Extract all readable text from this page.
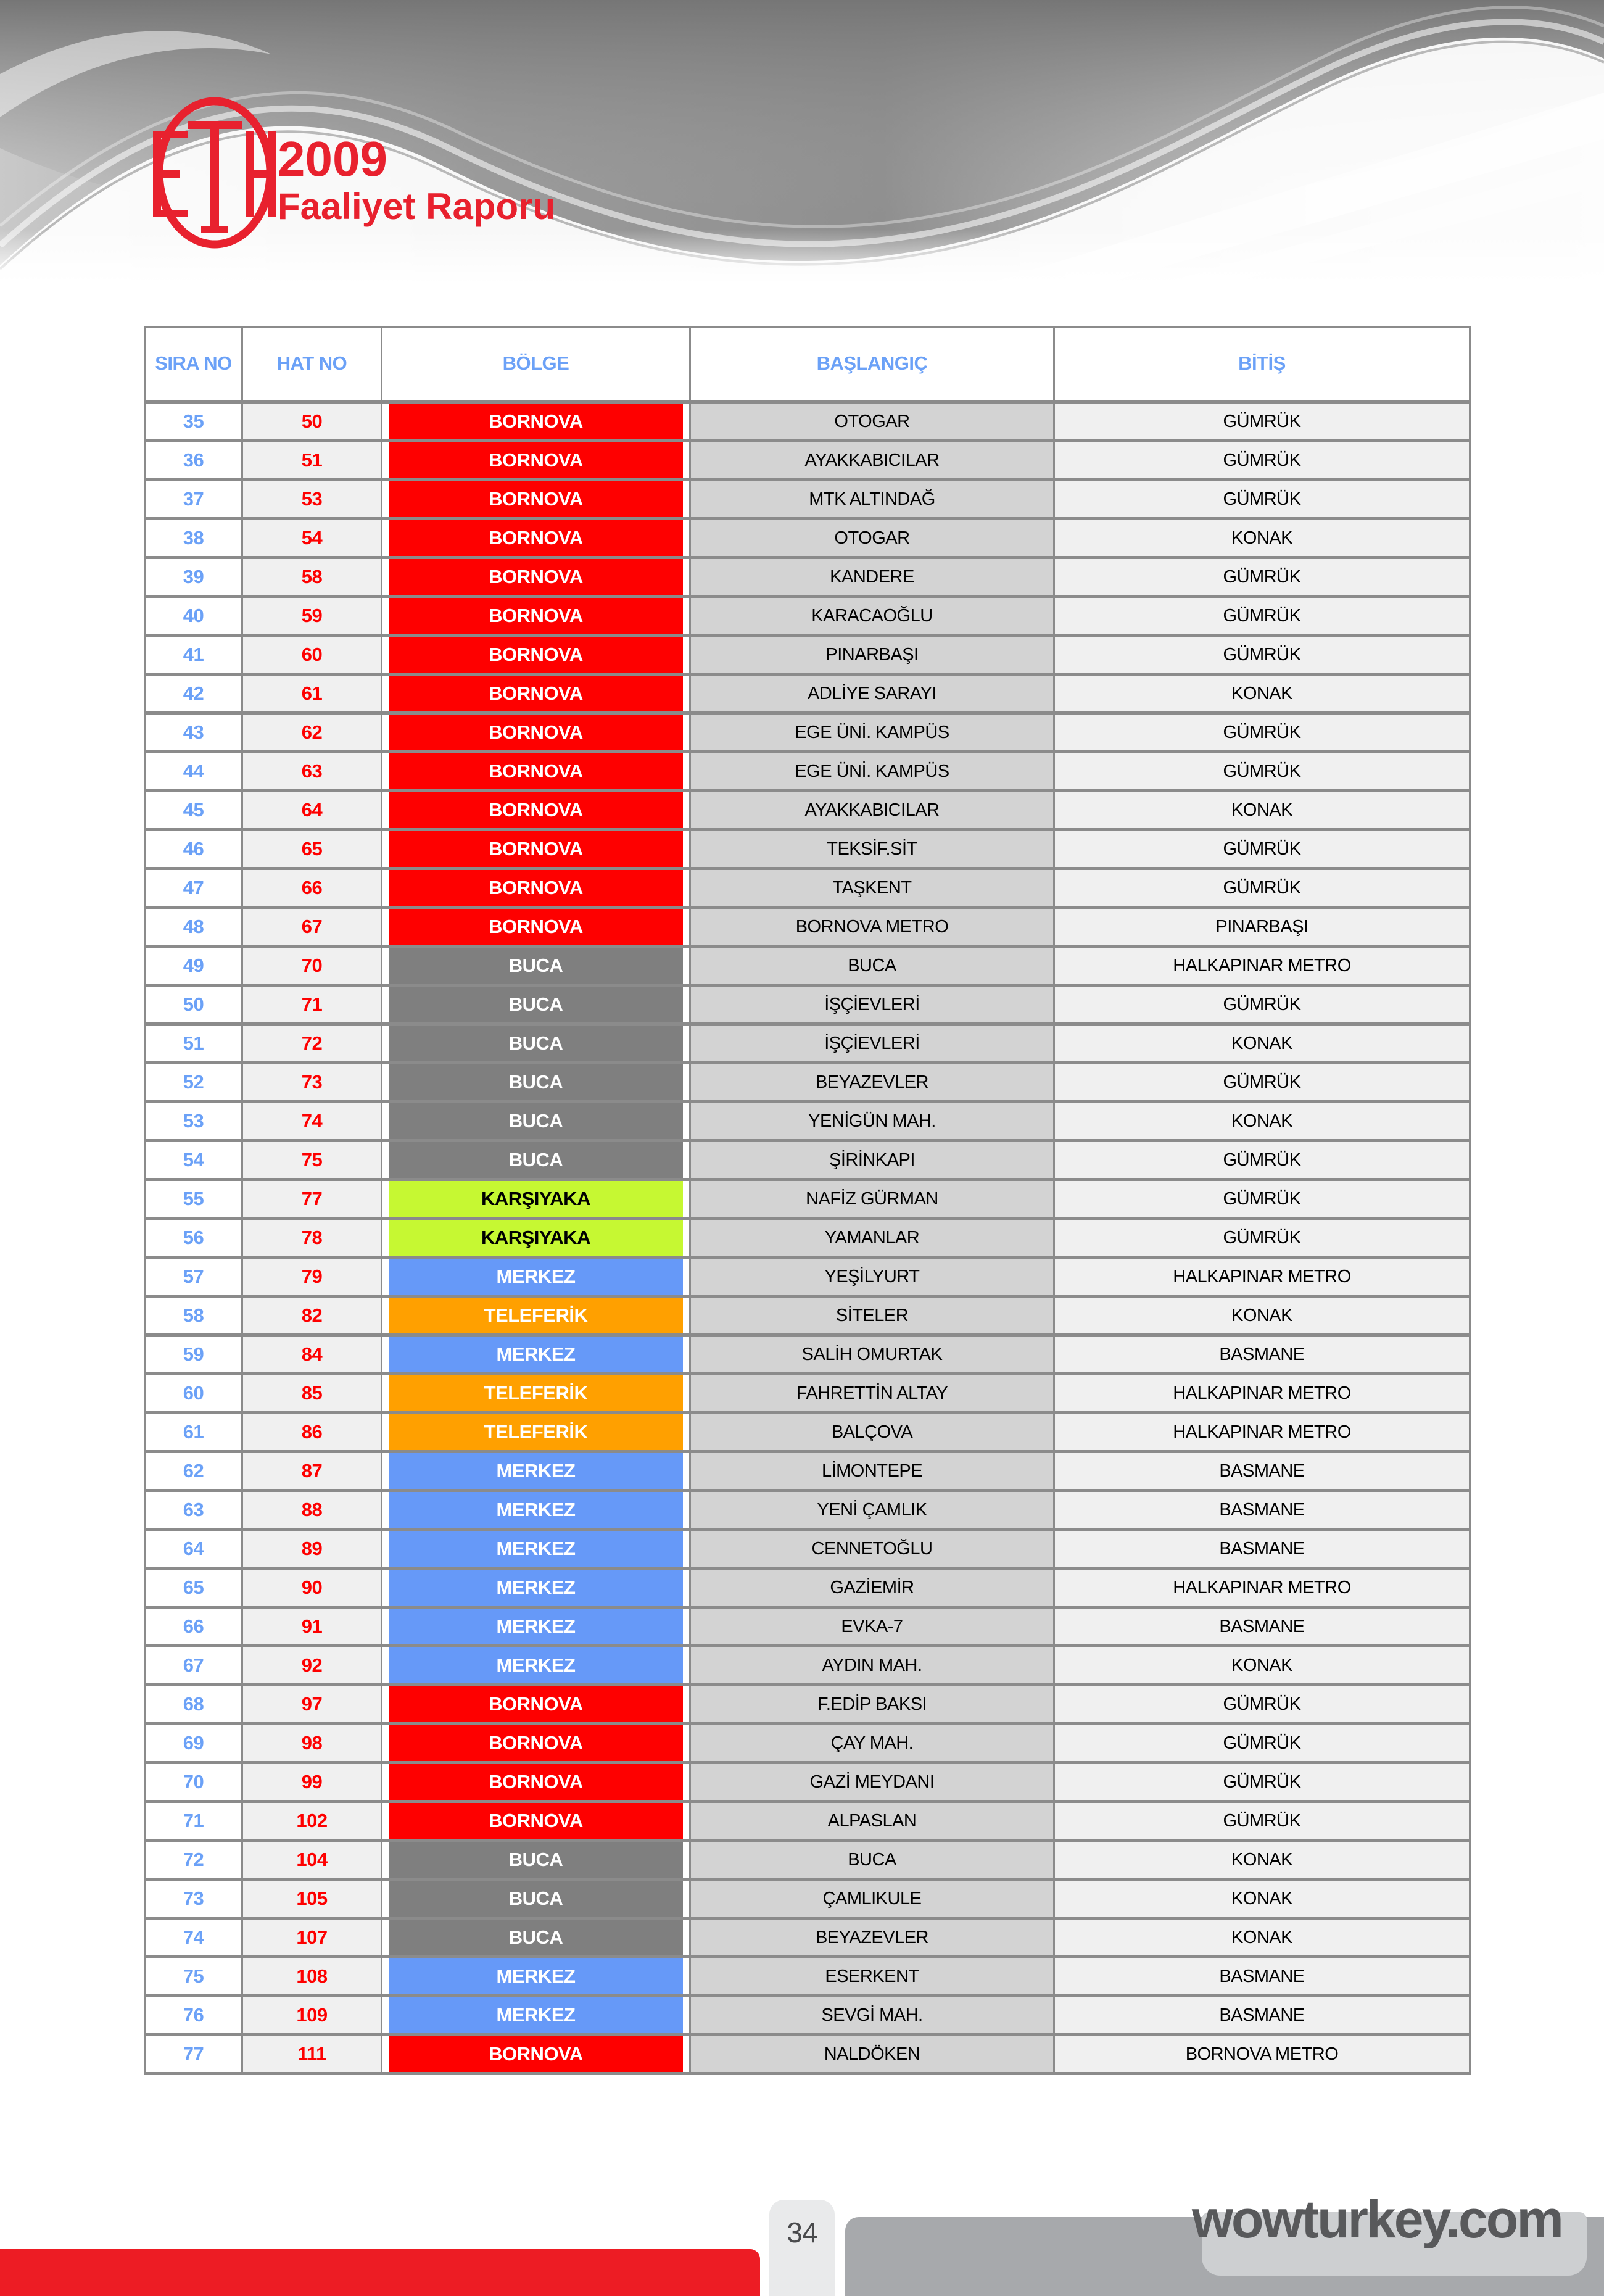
2009
Faaliyet Raporu
SIRA NO	HAT NO	BÖLGE	BAŞLANGIÇ	BİTİŞ
35	50	BORNOVA	OTOGAR	GÜMRÜK
36	51	BORNOVA	AYAKKABICILAR	GÜMRÜK
37	53	BORNOVA	MTK ALTINDAĞ	GÜMRÜK
38	54	BORNOVA	OTOGAR	KONAK
39	58	BORNOVA	KANDERE	GÜMRÜK
40	59	BORNOVA	KARACAOĞLU	GÜMRÜK
41	60	BORNOVA	PINARBAŞI	GÜMRÜK
42	61	BORNOVA	ADLİYE SARAYI	KONAK
43	62	BORNOVA	EGE ÜNİ. KAMPÜS	GÜMRÜK
44	63	BORNOVA	EGE ÜNİ. KAMPÜS	GÜMRÜK
45	64	BORNOVA	AYAKKABICILAR	KONAK
46	65	BORNOVA	TEKSİF.SİT	GÜMRÜK
47	66	BORNOVA	TAŞKENT	GÜMRÜK
48	67	BORNOVA	BORNOVA METRO	PINARBAŞI
49	70	BUCA	BUCA	HALKAPINAR METRO
50	71	BUCA	İŞÇİEVLERİ	GÜMRÜK
51	72	BUCA	İŞÇİEVLERİ	KONAK
52	73	BUCA	BEYAZEVLER	GÜMRÜK
53	74	BUCA	YENİGÜN MAH.	KONAK
54	75	BUCA	ŞİRİNKAPI	GÜMRÜK
55	77	KARŞIYAKA	NAFİZ GÜRMAN	GÜMRÜK
56	78	KARŞIYAKA	YAMANLAR	GÜMRÜK
57	79	MERKEZ	YEŞİLYURT	HALKAPINAR METRO
58	82	TELEFERİK	SİTELER	KONAK
59	84	MERKEZ	SALİH OMURTAK	BASMANE
60	85	TELEFERİK	FAHRETTİN ALTAY	HALKAPINAR METRO
61	86	TELEFERİK	BALÇOVA	HALKAPINAR METRO
62	87	MERKEZ	LİMONTEPE	BASMANE
63	88	MERKEZ	YENİ ÇAMLIK	BASMANE
64	89	MERKEZ	CENNETOĞLU	BASMANE
65	90	MERKEZ	GAZİEMİR	HALKAPINAR METRO
66	91	MERKEZ	EVKA-7	BASMANE
67	92	MERKEZ	AYDIN MAH.	KONAK
68	97	BORNOVA	F.EDİP BAKSI	GÜMRÜK
69	98	BORNOVA	ÇAY MAH.	GÜMRÜK
70	99	BORNOVA	GAZİ MEYDANI	GÜMRÜK
71	102	BORNOVA	ALPASLAN	GÜMRÜK
72	104	BUCA	BUCA	KONAK
73	105	BUCA	ÇAMLIKULE	KONAK
74	107	BUCA	BEYAZEVLER	KONAK
75	108	MERKEZ	ESERKENT	BASMANE
76	109	MERKEZ	SEVGİ MAH.	BASMANE
77	111	BORNOVA	NALDÖKEN	BORNOVA METRO
34	wowturkey.com
